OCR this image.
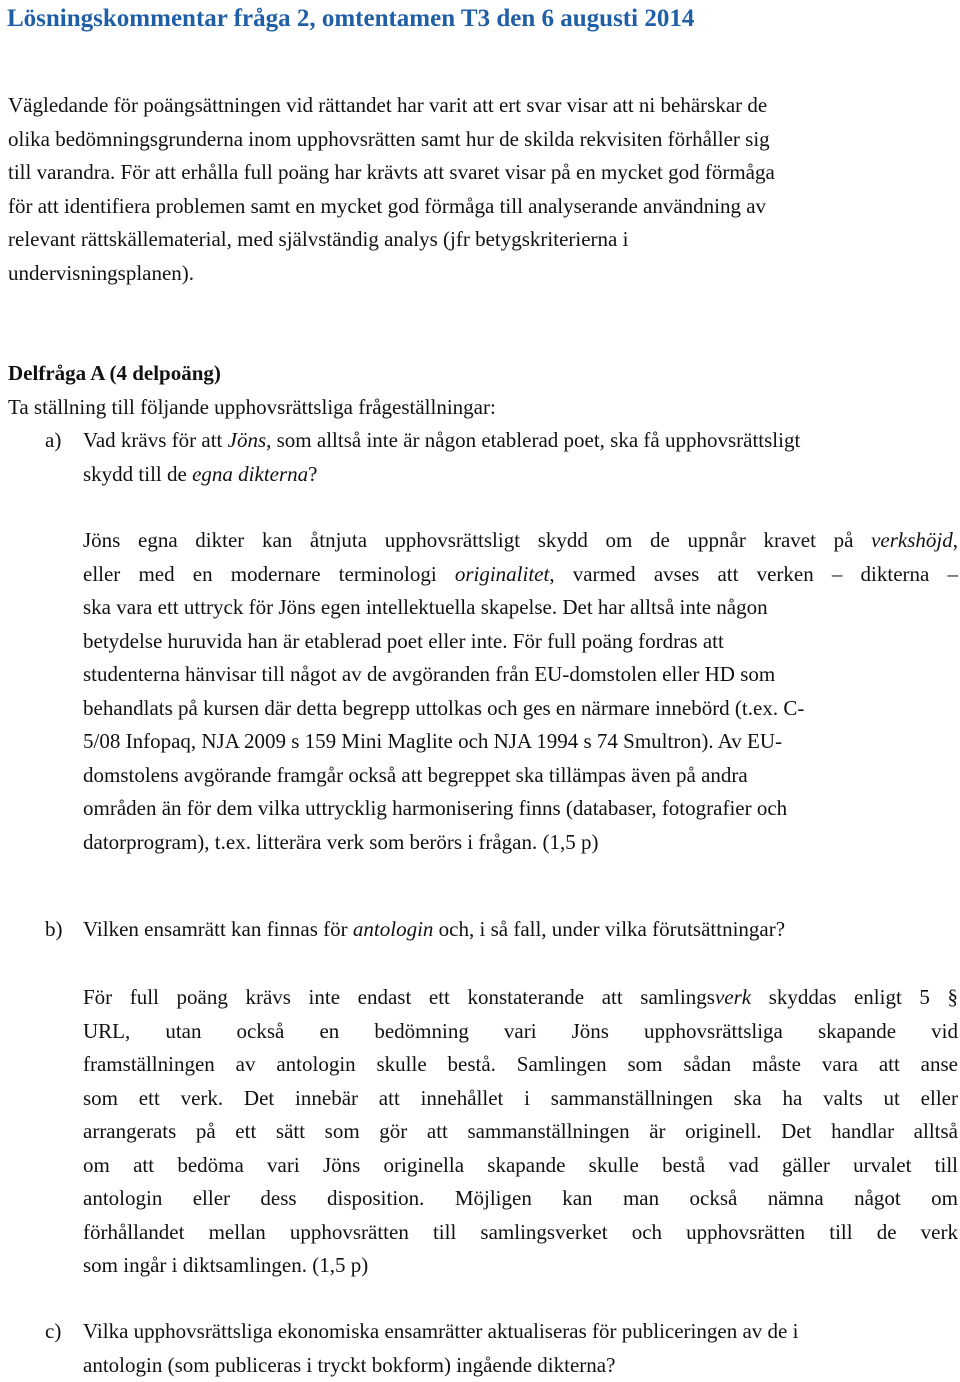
Lösningskommentar fråga 2, omtentamen T3 den 6 augusti 2014
Vägledande för poängsättningen vid rättandet har varit att ert svar visar att ni behärskar de
olika bedömningsgrunderna inom upphovsrätten samt hur de skilda rekvisiten förhåller sig
till varandra. För att erhålla full poäng har krävts att svaret visar på en mycket god förmåga
för att identifiera problemen samt en mycket god förmåga till analyserande användning av
relevant rättskällematerial, med självständig analys (jfr betygskriterierna i
undervisningsplanen).
Delfråga A (4 delpoäng)
Ta ställning till följande upphovsrättsliga frågeställningar:
a) Vad krävs för att Jöns, som alltså inte är någon etablerad poet, ska få upphovsrättsligt
skydd till de egna dikterna?
Jöns egna dikter kan åtnjuta upphovsrättsligt skydd om de uppnår kravet på verkshöjd,
eller med en modernare terminologi originalitet, varmed avses att verken – dikterna –
ska vara ett uttryck för Jöns egen intellektuella skapelse. Det har alltså inte någon
betydelse huruvida han är etablerad poet eller inte. För full poäng fordras att
studenterna hänvisar till något av de avgöranden från EU-domstolen eller HD som
behandlats på kursen där detta begrepp uttolkas och ges en närmare innebörd (t.ex. C-
5/08 Infopaq, NJA 2009 s 159 Mini Maglite och NJA 1994 s 74 Smultron). Av EU-
domstolens avgörande framgår också att begreppet ska tillämpas även på andra
områden än för dem vilka uttrycklig harmonisering finns (databaser, fotografier och
datorprogram), t.ex. litterära verk som berörs i frågan. (1,5 p)
b) Vilken ensamrätt kan finnas för antologin och, i så fall, under vilka förutsättningar?
För full poäng krävs inte endast ett konstaterande att samlingsverk skyddas enligt 5 §
URL, utan också en bedömning vari Jöns upphovsrättsliga skapande vid
framställningen av antologin skulle bestå. Samlingen som sådan måste vara att anse
som ett verk. Det innebär att innehållet i sammanställningen ska ha valts ut eller
arrangerats på ett sätt som gör att sammanställningen är originell. Det handlar alltså
om att bedöma vari Jöns originella skapande skulle bestå vad gäller urvalet till
antologin eller dess disposition. Möjligen kan man också nämna något om
förhållandet mellan upphovsrätten till samlingsverket och upphovsrätten till de verk
som ingår i diktsamlingen. (1,5 p)
c) Vilka upphovsrättsliga ekonomiska ensamrätter aktualiseras för publiceringen av de i
antologin (som publiceras i tryckt bokform) ingående dikterna?
